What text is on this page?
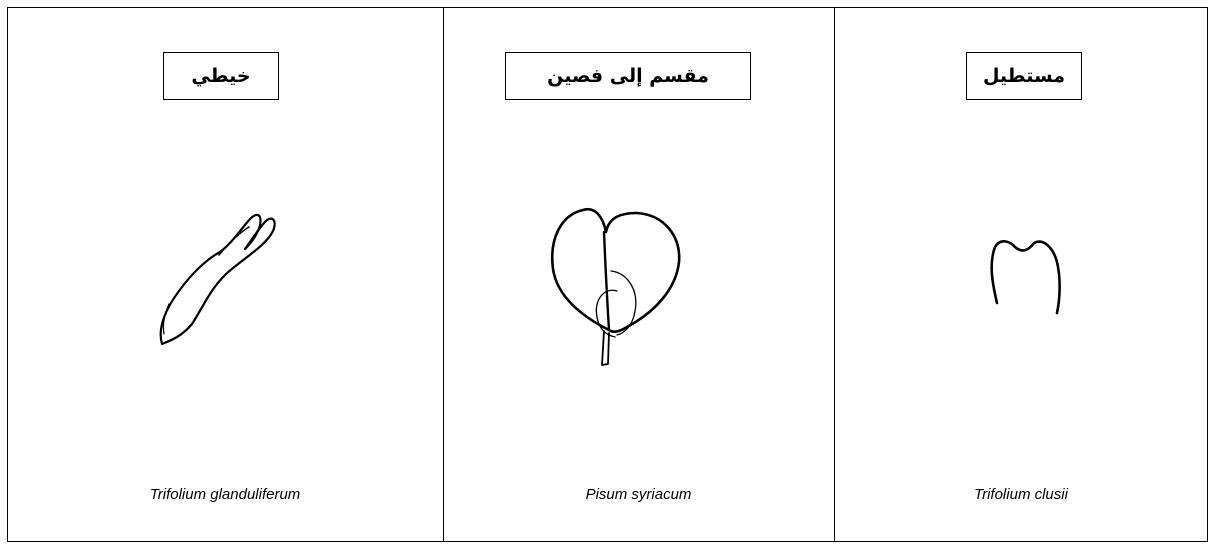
خيطي
Trifolium glanduliferum
مقسم إلى فصين
Pisum syriacum
مستطيل
Trifolium clusii
